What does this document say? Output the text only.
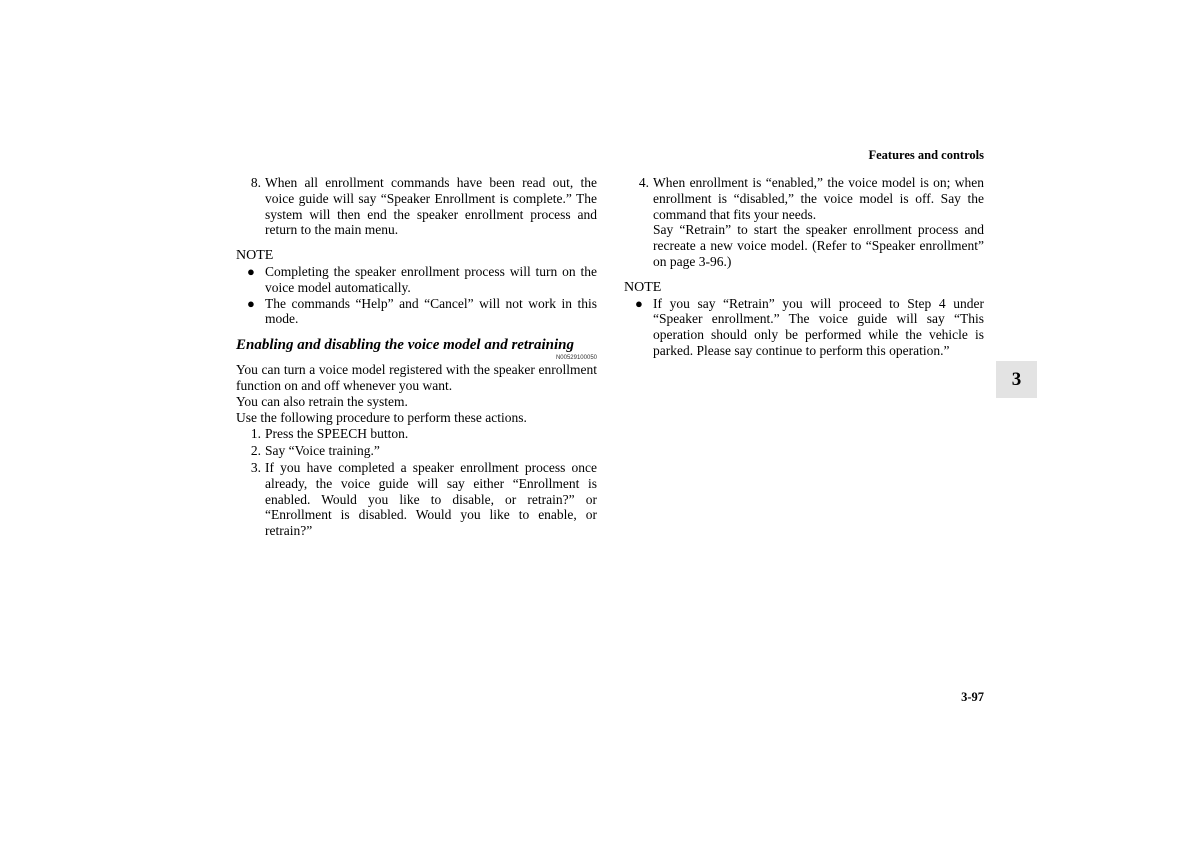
Features and controls
8. When all enrollment commands have been read out, the voice guide will say “Speaker Enrollment is complete.” The system will then end the speaker enrollment process and return to the main menu.
NOTE
● Completing the speaker enrollment process will turn on the voice model automatically.
● The commands “Help” and “Cancel” will not work in this mode.
Enabling and disabling the voice model and retraining
N00529100050
You can turn a voice model registered with the speaker enrollment function on and off whenever you want.
You can also retrain the system.
Use the following procedure to perform these actions.
1. Press the SPEECH button.
2. Say “Voice training.”
3. If you have completed a speaker enrollment process once already, the voice guide will say either “Enrollment is enabled. Would you like to disable, or retrain?” or “Enrollment is disabled. Would you like to enable, or retrain?”
4. When enrollment is “enabled,” the voice model is on; when enrollment is “disabled,” the voice model is off. Say the command that fits your needs.
Say “Retrain” to start the speaker enrollment process and recreate a new voice model. (Refer to “Speaker enrollment” on page 3-96.)
NOTE
● If you say “Retrain” you will proceed to Step 4 under “Speaker enrollment.” The voice guide will say “This operation should only be performed while the vehicle is parked. Please say continue to perform this operation.”
3
3-97
